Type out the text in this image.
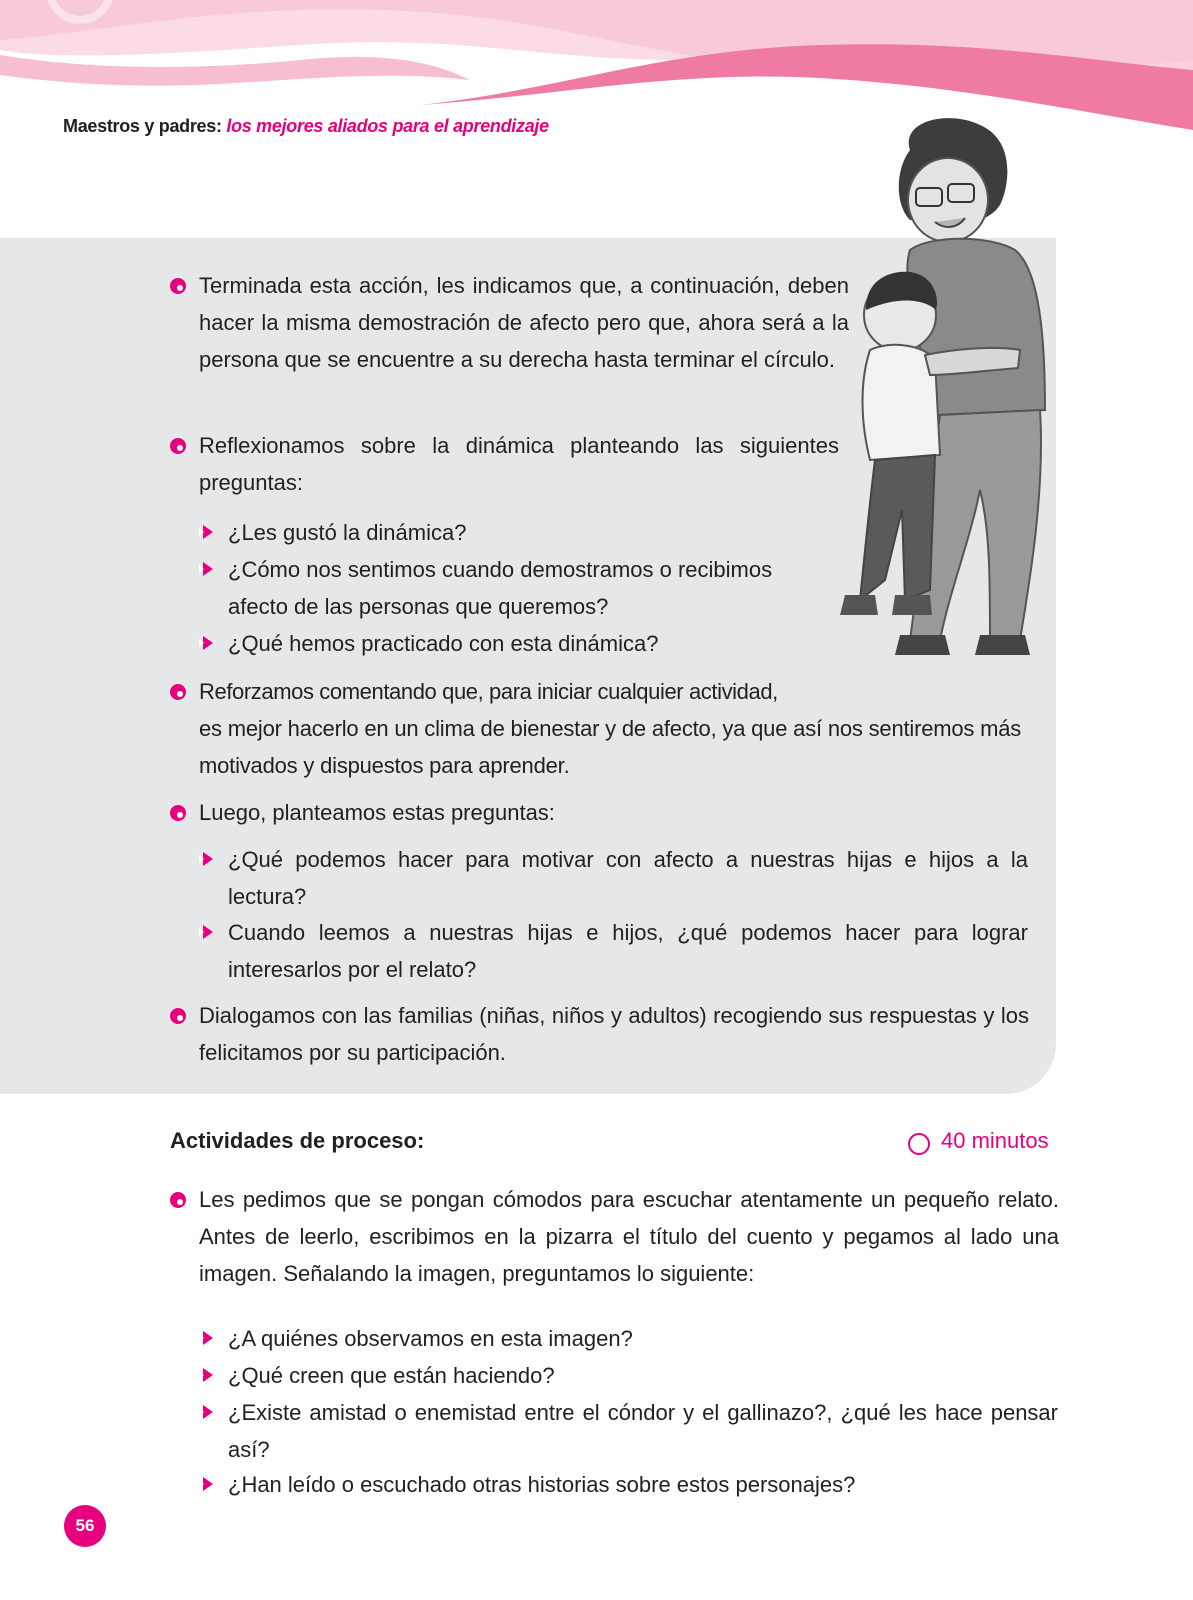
Maestros y padres: los mejores aliados para el aprendizaje
Terminada esta acción, les indicamos que, a continuación, deben hacer la misma demostración de afecto pero que, ahora será a la persona que se encuentre a su derecha hasta terminar el círculo.
Reflexionamos sobre la dinámica planteando las siguientes preguntas:
¿Les gustó la dinámica?
¿Cómo nos sentimos cuando demostramos o recibimos afecto de las personas que queremos?
¿Qué hemos practicado con esta dinámica?
Reforzamos comentando que, para iniciar cualquier actividad,
es mejor hacerlo en un clima de bienestar y de afecto, ya que así nos sentiremos más motivados y dispuestos para aprender.
Luego, planteamos estas preguntas:
¿Qué podemos hacer para motivar con afecto a nuestras hijas e hijos a la lectura?
Cuando leemos a nuestras hijas e hijos, ¿qué podemos hacer para lograr interesarlos por el relato?
Dialogamos con las familias (niñas, niños y adultos) recogiendo sus respuestas y los felicitamos por su participación.
Actividades de proceso:	40 minutos
Les pedimos que se pongan cómodos para escuchar atentamente un pequeño relato. Antes de leerlo, escribimos en la pizarra el título del cuento y pegamos al lado una imagen. Señalando la imagen, preguntamos lo siguiente:
¿A quiénes observamos en esta imagen?
¿Qué creen que están haciendo?
¿Existe amistad o enemistad entre el cóndor y el gallinazo?, ¿qué les hace pensar así?
¿Han leído o escuchado otras historias sobre estos personajes?
56
